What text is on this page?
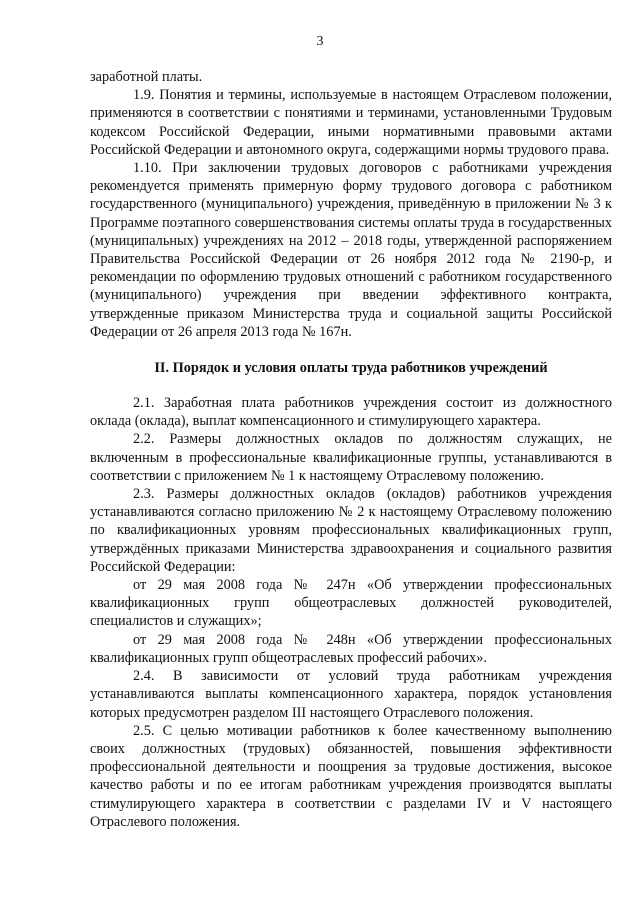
3

заработной платы.

1.9. Понятия и термины, используемые в настоящем Отраслевом положении, применяются в соответствии с понятиями и терминами, установленными Трудовым кодексом Российской Федерации, иными нормативными правовыми актами Российской Федерации и автономного округа, содержащими нормы трудового права.

1.10. При заключении трудовых договоров с работниками учреждения рекомендуется применять примерную форму трудового договора с работником государственного (муниципального) учреждения, приведённую в приложении № 3 к Программе поэтапного совершенствования системы оплаты труда в государственных (муниципальных) учреждениях на 2012 – 2018 годы, утвержденной распоряжением Правительства Российской Федерации от 26 ноября 2012 года № 2190-р, и рекомендации по оформлению трудовых отношений с работником государственного (муниципального) учреждения при введении эффективного контракта, утвержденные приказом Министерства труда и социальной защиты Российской Федерации от 26 апреля 2013 года № 167н.

II. Порядок и условия оплаты труда работников учреждений

2.1. Заработная плата работников учреждения состоит из должностного оклада (оклада), выплат компенсационного и стимулирующего характера.

2.2. Размеры должностных окладов по должностям служащих, не включенным в профессиональные квалификационные группы, устанавливаются в соответствии с приложением № 1 к настоящему Отраслевому положению.

2.3. Размеры должностных окладов (окладов) работников учреждения устанавливаются согласно приложению № 2 к настоящему Отраслевому положению по квалификационных уровням профессиональных квалификационных групп, утверждённых приказами Министерства здравоохранения и социального развития Российской Федерации:

от 29 мая 2008 года № 247н «Об утверждении профессиональных квалификационных групп общеотраслевых должностей руководителей, специалистов и служащих»;

от 29 мая 2008 года № 248н «Об утверждении профессиональных квалификационных групп общеотраслевых профессий рабочих».

2.4. В зависимости от условий труда работникам учреждения устанавливаются выплаты компенсационного характера, порядок установления которых предусмотрен разделом III настоящего Отраслевого положения.

2.5. С целью мотивации работников к более качественному выполнению своих должностных (трудовых) обязанностей, повышения эффективности профессиональной деятельности и поощрения за трудовые достижения, высокое качество работы и по ее итогам работникам учреждения производятся выплаты стимулирующего характера в соответствии с разделами IV и V настоящего Отраслевого положения.
